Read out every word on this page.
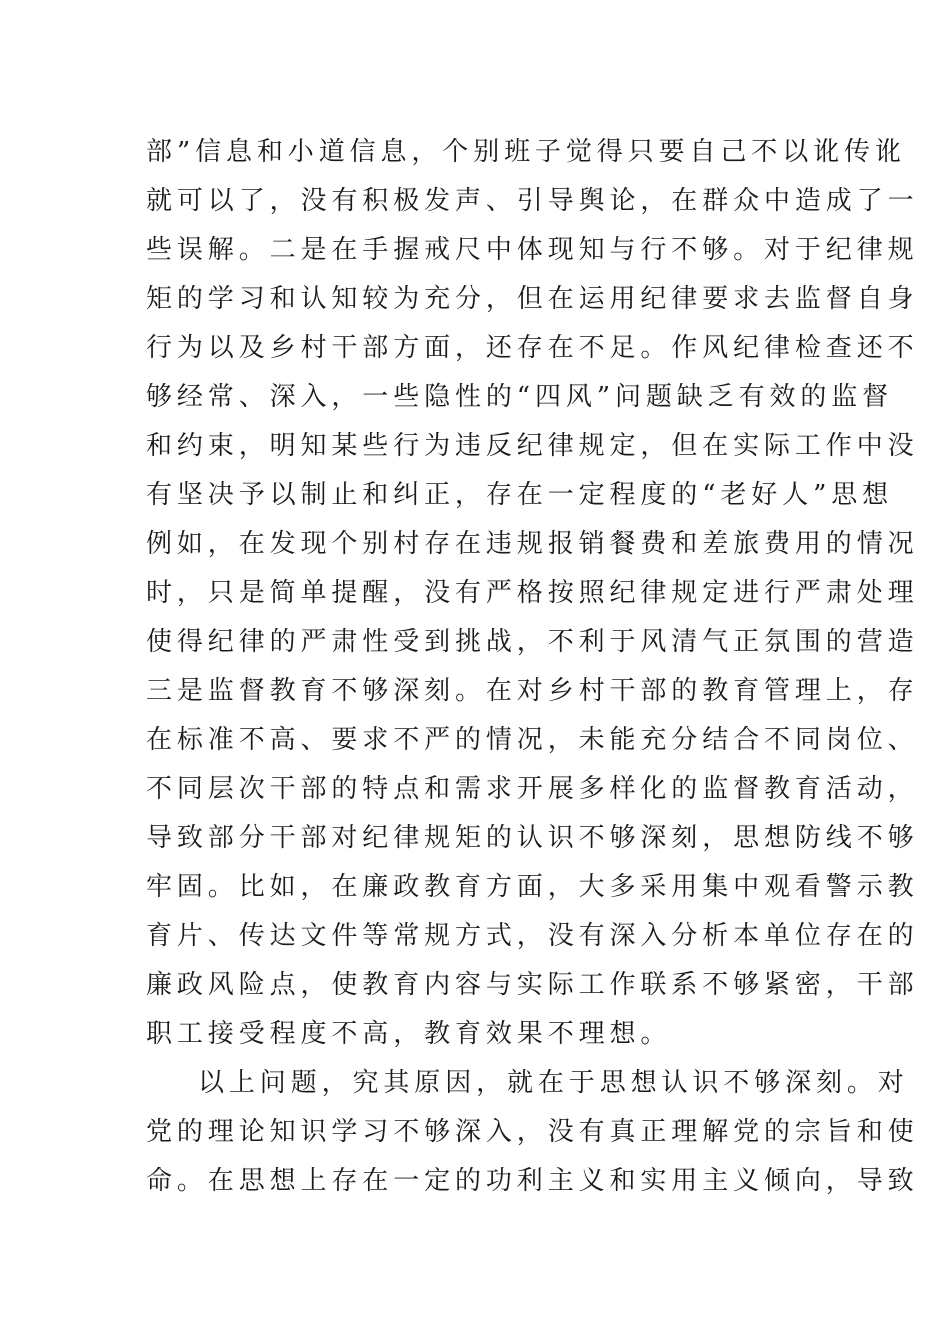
部”信息和小道信息，个别班子觉得只要自己不以讹传讹
就可以了，没有积极发声、引导舆论，在群众中造成了一
些误解。二是在手握戒尺中体现知与行不够。对于纪律规
矩的学习和认知较为充分，但在运用纪律要求去监督自身
行为以及乡村干部方面，还存在不足。作风纪律检查还不
够经常、深入，一些隐性的“四风”问题缺乏有效的监督
和约束，明知某些行为违反纪律规定，但在实际工作中没
有坚决予以制止和纠正，存在一定程度的“老好人”思想
例如，在发现个别村存在违规报销餐费和差旅费用的情况
时，只是简单提醒，没有严格按照纪律规定进行严肃处理
使得纪律的严肃性受到挑战，不利于风清气正氛围的营造
三是监督教育不够深刻。在对乡村干部的教育管理上，存
在标准不高、要求不严的情况，未能充分结合不同岗位、
不同层次干部的特点和需求开展多样化的监督教育活动，
导致部分干部对纪律规矩的认识不够深刻，思想防线不够
牢固。比如，在廉政教育方面，大多采用集中观看警示教
育片、传达文件等常规方式，没有深入分析本单位存在的
廉政风险点，使教育内容与实际工作联系不够紧密，干部
职工接受程度不高，教育效果不理想。
以上问题，究其原因，就在于思想认识不够深刻。对
党的理论知识学习不够深入，没有真正理解党的宗旨和使
命。在思想上存在一定的功利主义和实用主义倾向，导致
